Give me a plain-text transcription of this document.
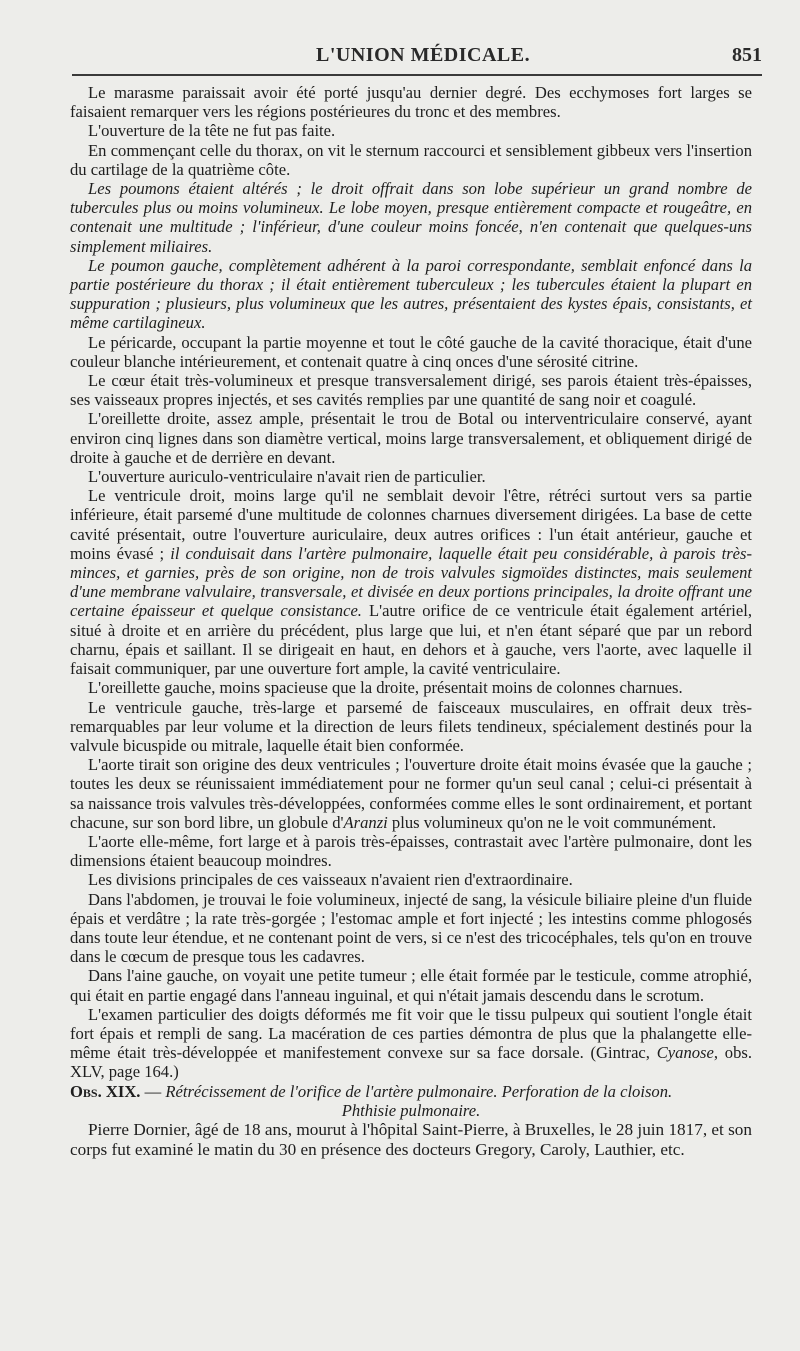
L'UNION MÉDICALE.	851

Le marasme paraissait avoir été porté jusqu'au dernier degré. Des ecchymoses fort larges se faisaient remarquer vers les régions postérieures du tronc et des membres.

L'ouverture de la tête ne fut pas faite.

En commençant celle du thorax, on vit le sternum raccourci et sensiblement gibbeux vers l'insertion du cartilage de la quatrième côte.

Les poumons étaient altérés ; le droit offrait dans son lobe supérieur un grand nombre de tubercules plus ou moins volumineux. Le lobe moyen, presque entièrement compacte et rougeâtre, en contenait une multitude ; l'inférieur, d'une couleur moins foncée, n'en contenait que quelques-uns simplement miliaires.

Le poumon gauche, complètement adhérent à la paroi correspondante, semblait enfoncé dans la partie postérieure du thorax ; il était entièrement tuberculeux ; les tubercules étaient la plupart en suppuration ; plusieurs, plus volumineux que les autres, présentaient des kystes épais, consistants, et même cartilagineux.

Le péricarde, occupant la partie moyenne et tout le côté gauche de la cavité thoracique, était d'une couleur blanche intérieurement, et contenait quatre à cinq onces d'une sérosité citrine.

Le cœur était très-volumineux et presque transversalement dirigé, ses parois étaient très-épaisses, ses vaisseaux propres injectés, et ses cavités remplies par une quantité de sang noir et coagulé.

L'oreillette droite, assez ample, présentait le trou de Botal ou interventriculaire conservé, ayant environ cinq lignes dans son diamètre vertical, moins large transversalement, et obliquement dirigé de droite à gauche et de derrière en devant.

L'ouverture auriculo-ventriculaire n'avait rien de particulier.

Le ventricule droit, moins large qu'il ne semblait devoir l'être, rétréci surtout vers sa partie inférieure, était parsemé d'une multitude de colonnes charnues diversement dirigées. La base de cette cavité présentait, outre l'ouverture auriculaire, deux autres orifices : l'un était antérieur, gauche et moins évasé ; il conduisait dans l'artère pulmonaire, laquelle était peu considérable, à parois très-minces, et garnies, près de son origine, non de trois valvules sigmoïdes distinctes, mais seulement d'une membrane valvulaire, transversale, et divisée en deux portions principales, la droite offrant une certaine épaisseur et quelque consistance. L'autre orifice de ce ventricule était également artériel, situé à droite et en arrière du précédent, plus large que lui, et n'en étant séparé que par un rebord charnu, épais et saillant. Il se dirigeait en haut, en dehors et à gauche, vers l'aorte, avec laquelle il faisait communiquer, par une ouverture fort ample, la cavité ventriculaire.

L'oreillette gauche, moins spacieuse que la droite, présentait moins de colonnes charnues.

Le ventricule gauche, très-large et parsemé de faisceaux musculaires, en offrait deux très-remarquables par leur volume et la direction de leurs filets tendineux, spécialement destinés pour la valvule bicuspide ou mitrale, laquelle était bien conformée.

L'aorte tirait son origine des deux ventricules ; l'ouverture droite était moins évasée que la gauche ; toutes les deux se réunissaient immédiatement pour ne former qu'un seul canal ; celui-ci présentait à sa naissance trois valvules très-développées, conformées comme elles le sont ordinairement, et portant chacune, sur son bord libre, un globule d'Aranzi plus volumineux qu'on ne le voit communément.

L'aorte elle-même, fort large et à parois très-épaisses, contrastait avec l'artère pulmonaire, dont les dimensions étaient beaucoup moindres.

Les divisions principales de ces vaisseaux n'avaient rien d'extraordinaire.

Dans l'abdomen, je trouvai le foie volumineux, injecté de sang, la vésicule biliaire pleine d'un fluide épais et verdâtre ; la rate très-gorgée ; l'estomac ample et fort injecté ; les intestins comme phlogosés dans toute leur étendue, et ne contenant point de vers, si ce n'est des tricocéphales, tels qu'on en trouve dans le cœcum de presque tous les cadavres.

Dans l'aine gauche, on voyait une petite tumeur ; elle était formée par le testicule, comme atrophié, qui était en partie engagé dans l'anneau inguinal, et qui n'était jamais descendu dans le scrotum.

L'examen particulier des doigts déformés me fit voir que le tissu pulpeux qui soutient l'ongle était fort épais et rempli de sang. La macération de ces parties démontra de plus que la phalangette elle-même était très-développée et manifestement convexe sur sa face dorsale. (Gintrac, Cyanose, obs. XLV, page 164.)

Obs. XIX. — Rétrécissement de l'orifice de l'artère pulmonaire. Perforation de la cloison.

Phthisie pulmonaire.

Pierre Dornier, âgé de 18 ans, mourut à l'hôpital Saint-Pierre, à Bruxelles, le 28 juin 1817, et son corps fut examiné le matin du 30 en présence des docteurs Gregory, Caroly, Lauthier, etc.
